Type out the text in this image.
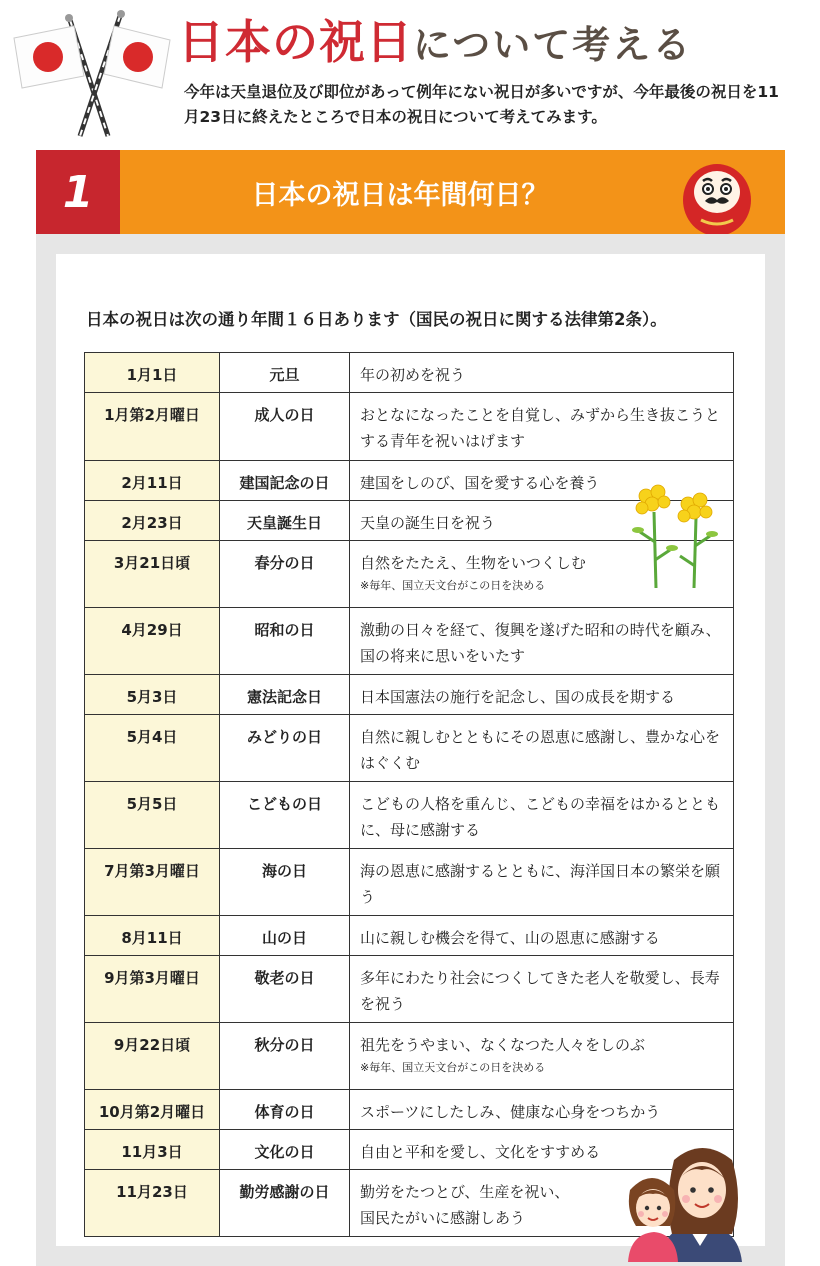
日本の祝日について考える
今年は天皇退位及び即位があって例年にない祝日が多いですが、今年最後の祝日を11月23日に終えたところで日本の祝日について考えてみます。
1	日本の祝日は年間何日？
日本の祝日は次の通り年間１６日あります（国民の祝日に関する法律第2条）。
1月1日	元旦	年の初めを祝う
1月第2月曜日	成人の日	おとなになったことを自覚し、みずから生き抜こうとする青年を祝いはげます
2月11日	建国記念の日	建国をしのび、国を愛する心を養う
2月23日	天皇誕生日	天皇の誕生日を祝う
3月21日頃	春分の日	自然をたたえ、生物をいつくしむ
※毎年、国立天文台がこの日を決める

4月29日	昭和の日	激動の日々を経て、復興を遂げた昭和の時代を顧み、国の将来に思いをいたす
5月3日	憲法記念日	日本国憲法の施行を記念し、国の成長を期する
5月4日	みどりの日	自然に親しむとともにその恩恵に感謝し、豊かな心をはぐくむ
5月5日	こどもの日	こどもの人格を重んじ、こどもの幸福をはかるとともに、母に感謝する
7月第3月曜日	海の日	海の恩恵に感謝するとともに、海洋国日本の繁栄を願う
8月11日	山の日	山に親しむ機会を得て、山の恩恵に感謝する
9月第3月曜日	敬老の日	多年にわたり社会につくしてきた老人を敬愛し、長寿を祝う
9月22日頃	秋分の日	祖先をうやまい、なくなつた人々をしのぶ
※毎年、国立天文台がこの日を決める

10月第2月曜日	体育の日	スポーツにしたしみ、健康な心身をつちかう
11月3日	文化の日	自由と平和を愛し、文化をすすめる
11月23日	勤労感謝の日	勤労をたつとび、生産を祝い、
国民たがいに感謝しあう
